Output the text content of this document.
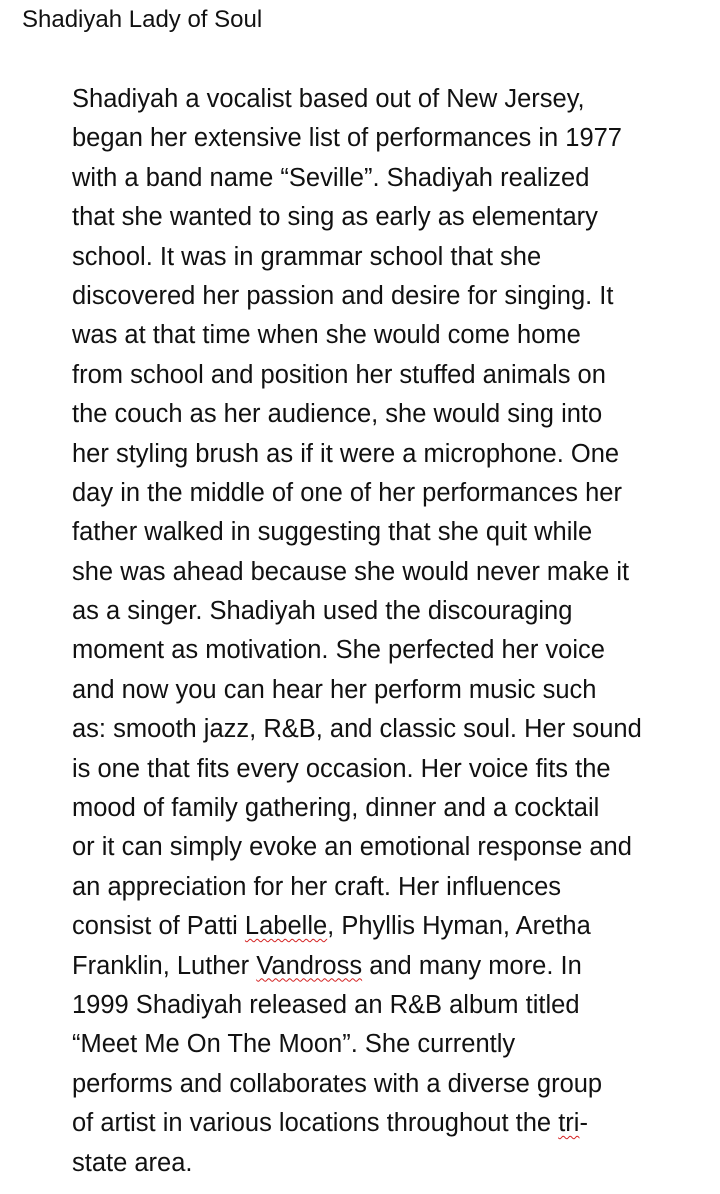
Shadiyah Lady of Soul
Shadiyah a vocalist based out of New Jersey,
began her extensive list of performances in 1977
with a band name “Seville”. Shadiyah realized
that she wanted to sing as early as elementary
school. It was in grammar school that she
discovered her passion and desire for singing. It
was at that time when she would come home
from school and position her stuffed animals on
the couch as her audience, she would sing into
her styling brush as if it were a microphone. One
day in the middle of one of her performances her
father walked in suggesting that she quit while
she was ahead because she would never make it
as a singer. Shadiyah used the discouraging
moment as motivation. She perfected her voice
and now you can hear her perform music such
as: smooth jazz, R&B, and classic soul. Her sound
is one that fits every occasion. Her voice fits the
mood of family gathering, dinner and a cocktail
or it can simply evoke an emotional response and
an appreciation for her craft. Her influences
consist of Patti Labelle, Phyllis Hyman, Aretha
Franklin, Luther Vandross and many more. In
1999 Shadiyah released an R&B album titled
“Meet Me On The Moon”. She currently
performs and collaborates with a diverse group
of artist in various locations throughout the tri-
state area.
